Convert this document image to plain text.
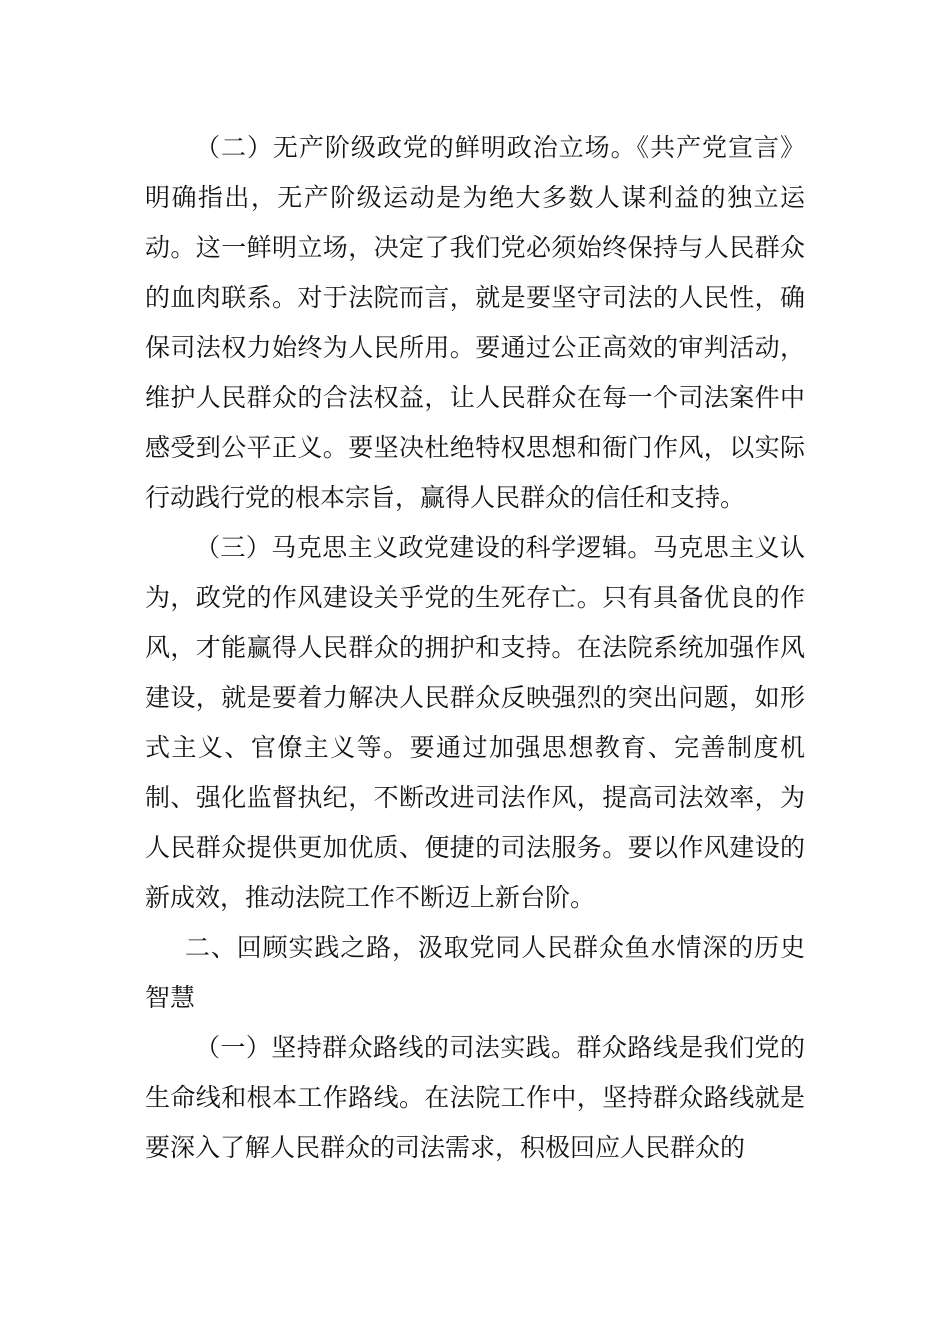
（二）无产阶级政党的鲜明政治立场。《共产党宣言》明确指出，无产阶级运动是为绝大多数人谋利益的独立运动。这一鲜明立场，决定了我们党必须始终保持与人民群众的血肉联系。对于法院而言，就是要坚守司法的人民性，确保司法权力始终为人民所用。要通过公正高效的审判活动，维护人民群众的合法权益，让人民群众在每一个司法案件中感受到公平正义。要坚决杜绝特权思想和衙门作风，以实际行动践行党的根本宗旨，赢得人民群众的信任和支持。

（三）马克思主义政党建设的科学逻辑。马克思主义认为，政党的作风建设关乎党的生死存亡。只有具备优良的作风，才能赢得人民群众的拥护和支持。在法院系统加强作风建设，就是要着力解决人民群众反映强烈的突出问题，如形式主义、官僚主义等。要通过加强思想教育、完善制度机制、强化监督执纪，不断改进司法作风，提高司法效率，为人民群众提供更加优质、便捷的司法服务。要以作风建设的新成效，推动法院工作不断迈上新台阶。

二、回顾实践之路，汲取党同人民群众鱼水情深的历史智慧

（一）坚持群众路线的司法实践。群众路线是我们党的生命线和根本工作路线。在法院工作中，坚持群众路线就是要深入了解人民群众的司法需求，积极回应人民群众的
